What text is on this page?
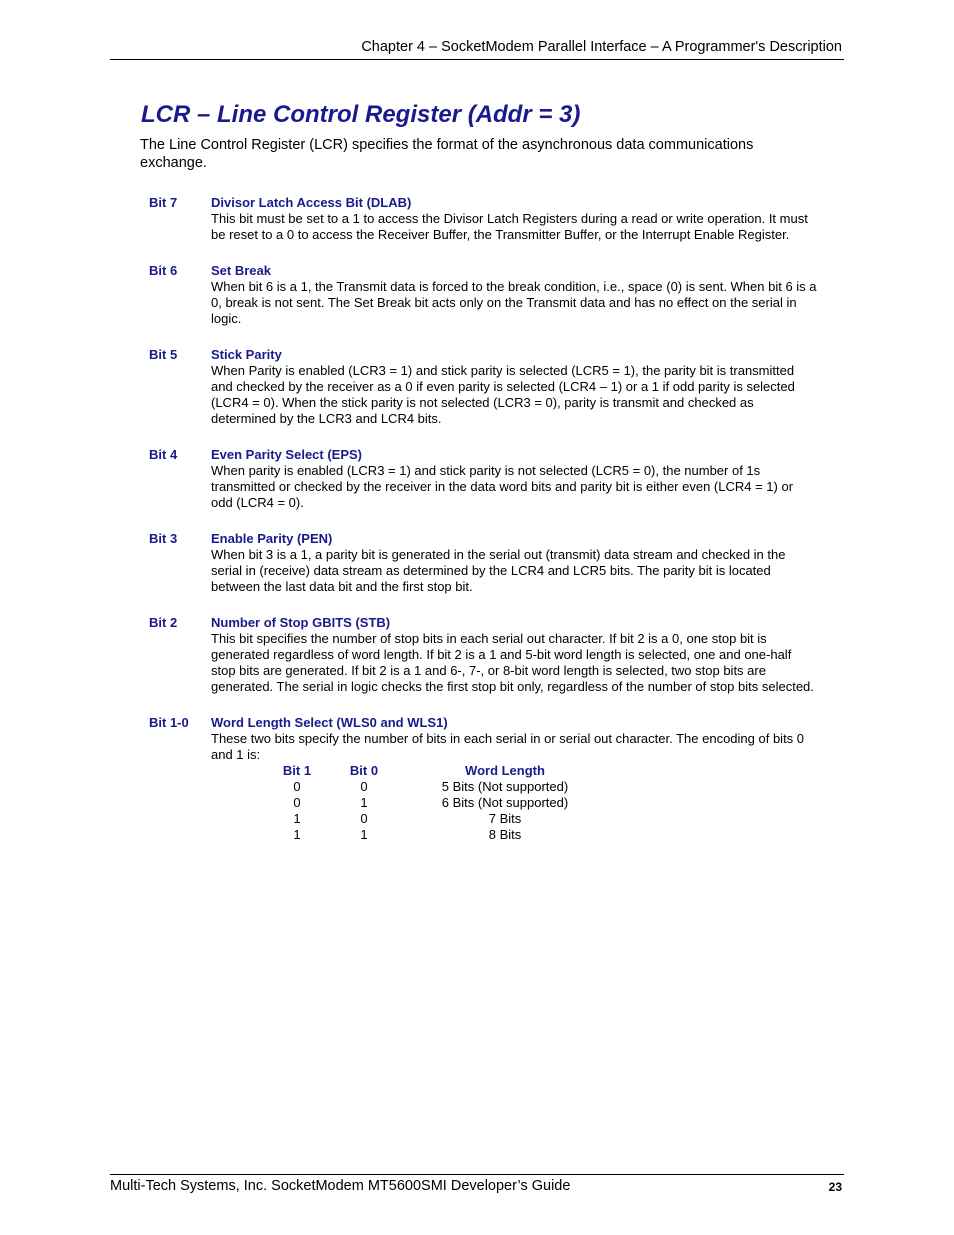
Chapter 4 – SocketModem Parallel Interface – A Programmer's Description
LCR – Line Control Register (Addr = 3)

The Line Control Register (LCR) specifies the format of the asynchronous data communications exchange.

Bit 7	Divisor Latch Access Bit (DLAB)

This bit must be set to a 1 to access the Divisor Latch Registers during a read or write operation. It must be reset to a 0 to access the Receiver Buffer, the Transmitter Buffer, or the Interrupt Enable Register.

Bit 6	Set Break

When bit 6 is a 1, the Transmit data is forced to the break condition, i.e., space (0) is sent. When bit 6 is a 0, break is not sent. The Set Break bit acts only on the Transmit data and has no effect on the serial in logic.

Bit 5	Stick Parity

When Parity is enabled (LCR3 = 1) and stick parity is selected (LCR5 = 1), the parity bit is transmitted and checked by the receiver as a 0 if even parity is selected (LCR4 – 1) or a 1 if odd parity is selected (LCR4 = 0). When the stick parity is not selected (LCR3 = 0), parity is transmit and checked as determined by the LCR3 and LCR4 bits.

Bit 4	Even Parity Select (EPS)

When parity is enabled (LCR3 = 1) and stick parity is not selected (LCR5 = 0), the number of 1s transmitted or checked by the receiver in the data word bits and parity bit is either even (LCR4 = 1) or odd (LCR4 = 0).

Bit 3	Enable Parity (PEN)

When bit 3 is a 1, a parity bit is generated in the serial out (transmit) data stream and checked in the serial in (receive) data stream as determined by the LCR4 and LCR5 bits. The parity bit is located between the last data bit and the first stop bit.

Bit 2	Number of Stop GBITS (STB)

This bit specifies the number of stop bits in each serial out character. If bit 2 is a 0, one stop bit is generated regardless of word length. If bit 2 is a 1 and 5-bit word length is selected, one and one-half stop bits are generated. If bit 2 is a 1 and 6-, 7-, or 8-bit word length is selected, two stop bits are generated. The serial in logic checks the first stop bit only, regardless of the number of stop bits selected.

Bit 1-0 Word Length Select (WLS0 and WLS1)

These two bits specify the number of bits in each serial in or serial out character. The encoding of bits 0 and 1 is:

Bit 1		Bit 0		Word Length
0		0		5 Bits (Not supported)
0		1		6 Bits (Not supported)
1		0		7 Bits
1		1		8 Bits
Multi-Tech Systems, Inc. SocketModem MT5600SMI Developer’s Guide	23
